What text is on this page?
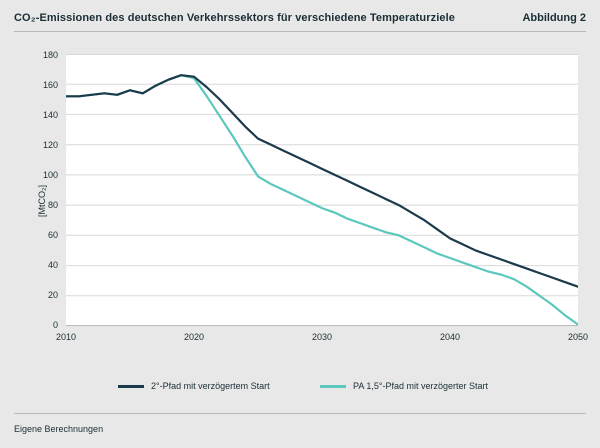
CO₂-Emissionen des deutschen Verkehrssektors für verschiedene Temperaturziele	Abbildung 2
[MtCO₂]
0
20
40
60
80
100
120
140
160
180
2010	2020	2030	2040	2050
2°-Pfad mit verzögertem Start	PA 1,5°-Pfad mit verzögerter Start
Eigene Berechnungen
